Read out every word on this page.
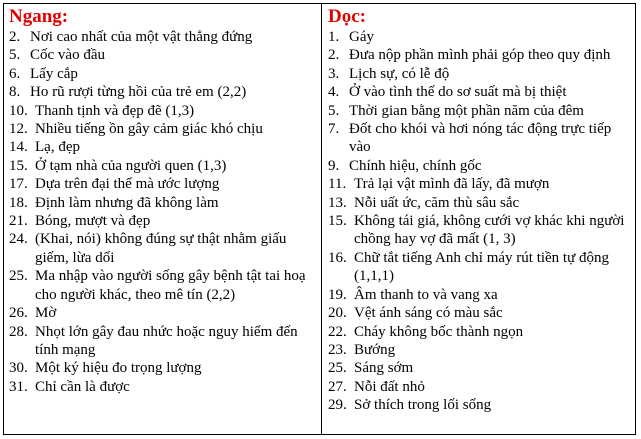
Ngang:
2. Nơi cao nhất của một vật thẳng đứng
5. Cốc vào đầu
6. Lấy cắp
8. Ho rũ rượi từng hồi của trẻ em (2,2)
10. Thanh tịnh và đẹp đẽ (1,3)
12. Nhiều tiếng ồn gây cảm giác khó chịu
14. Lạ, đẹp
15. Ở tạm nhà của người quen (1,3)
17. Dựa trên đại thể mà ước lượng
18. Định làm nhưng đã không làm
21. Bóng, mượt và đẹp
24. (Khai, nói) không đúng sự thật nhằm giấu giếm, lừa dối
25. Ma nhập vào người sống gây bệnh tật tai hoạ cho người khác, theo mê tín (2,2)
26. Mờ
28. Nhọt lớn gây đau nhức hoặc nguy hiểm đến tính mạng
30. Một ký hiệu đo trọng lượng
31. Chỉ cần là được
Dọc:
1. Gáy
2. Đưa nộp phần mình phải góp theo quy định
3. Lịch sự, có lễ độ
4. Ở vào tình thế do sơ suất mà bị thiệt
5. Thời gian bằng một phần năm của đêm
7. Đốt cho khói và hơi nóng tác động trực tiếp vào
9. Chính hiệu, chính gốc
11. Trả lại vật mình đã lấy, đã mượn
13. Nỗi uất ức, căm thù sâu sắc
15. Không tái giá, không cưới vợ khác khi người chồng hay vợ đã mất (1, 3)
16. Chữ tắt tiếng Anh chỉ máy rút tiền tự động (1,1,1)
19. Âm thanh to và vang xa
20. Vệt ánh sáng có màu sắc
22. Cháy không bốc thành ngọn
23. Bướng
25. Sáng sớm
27. Nỗi đất nhỏ
29. Sở thích trong lối sống
